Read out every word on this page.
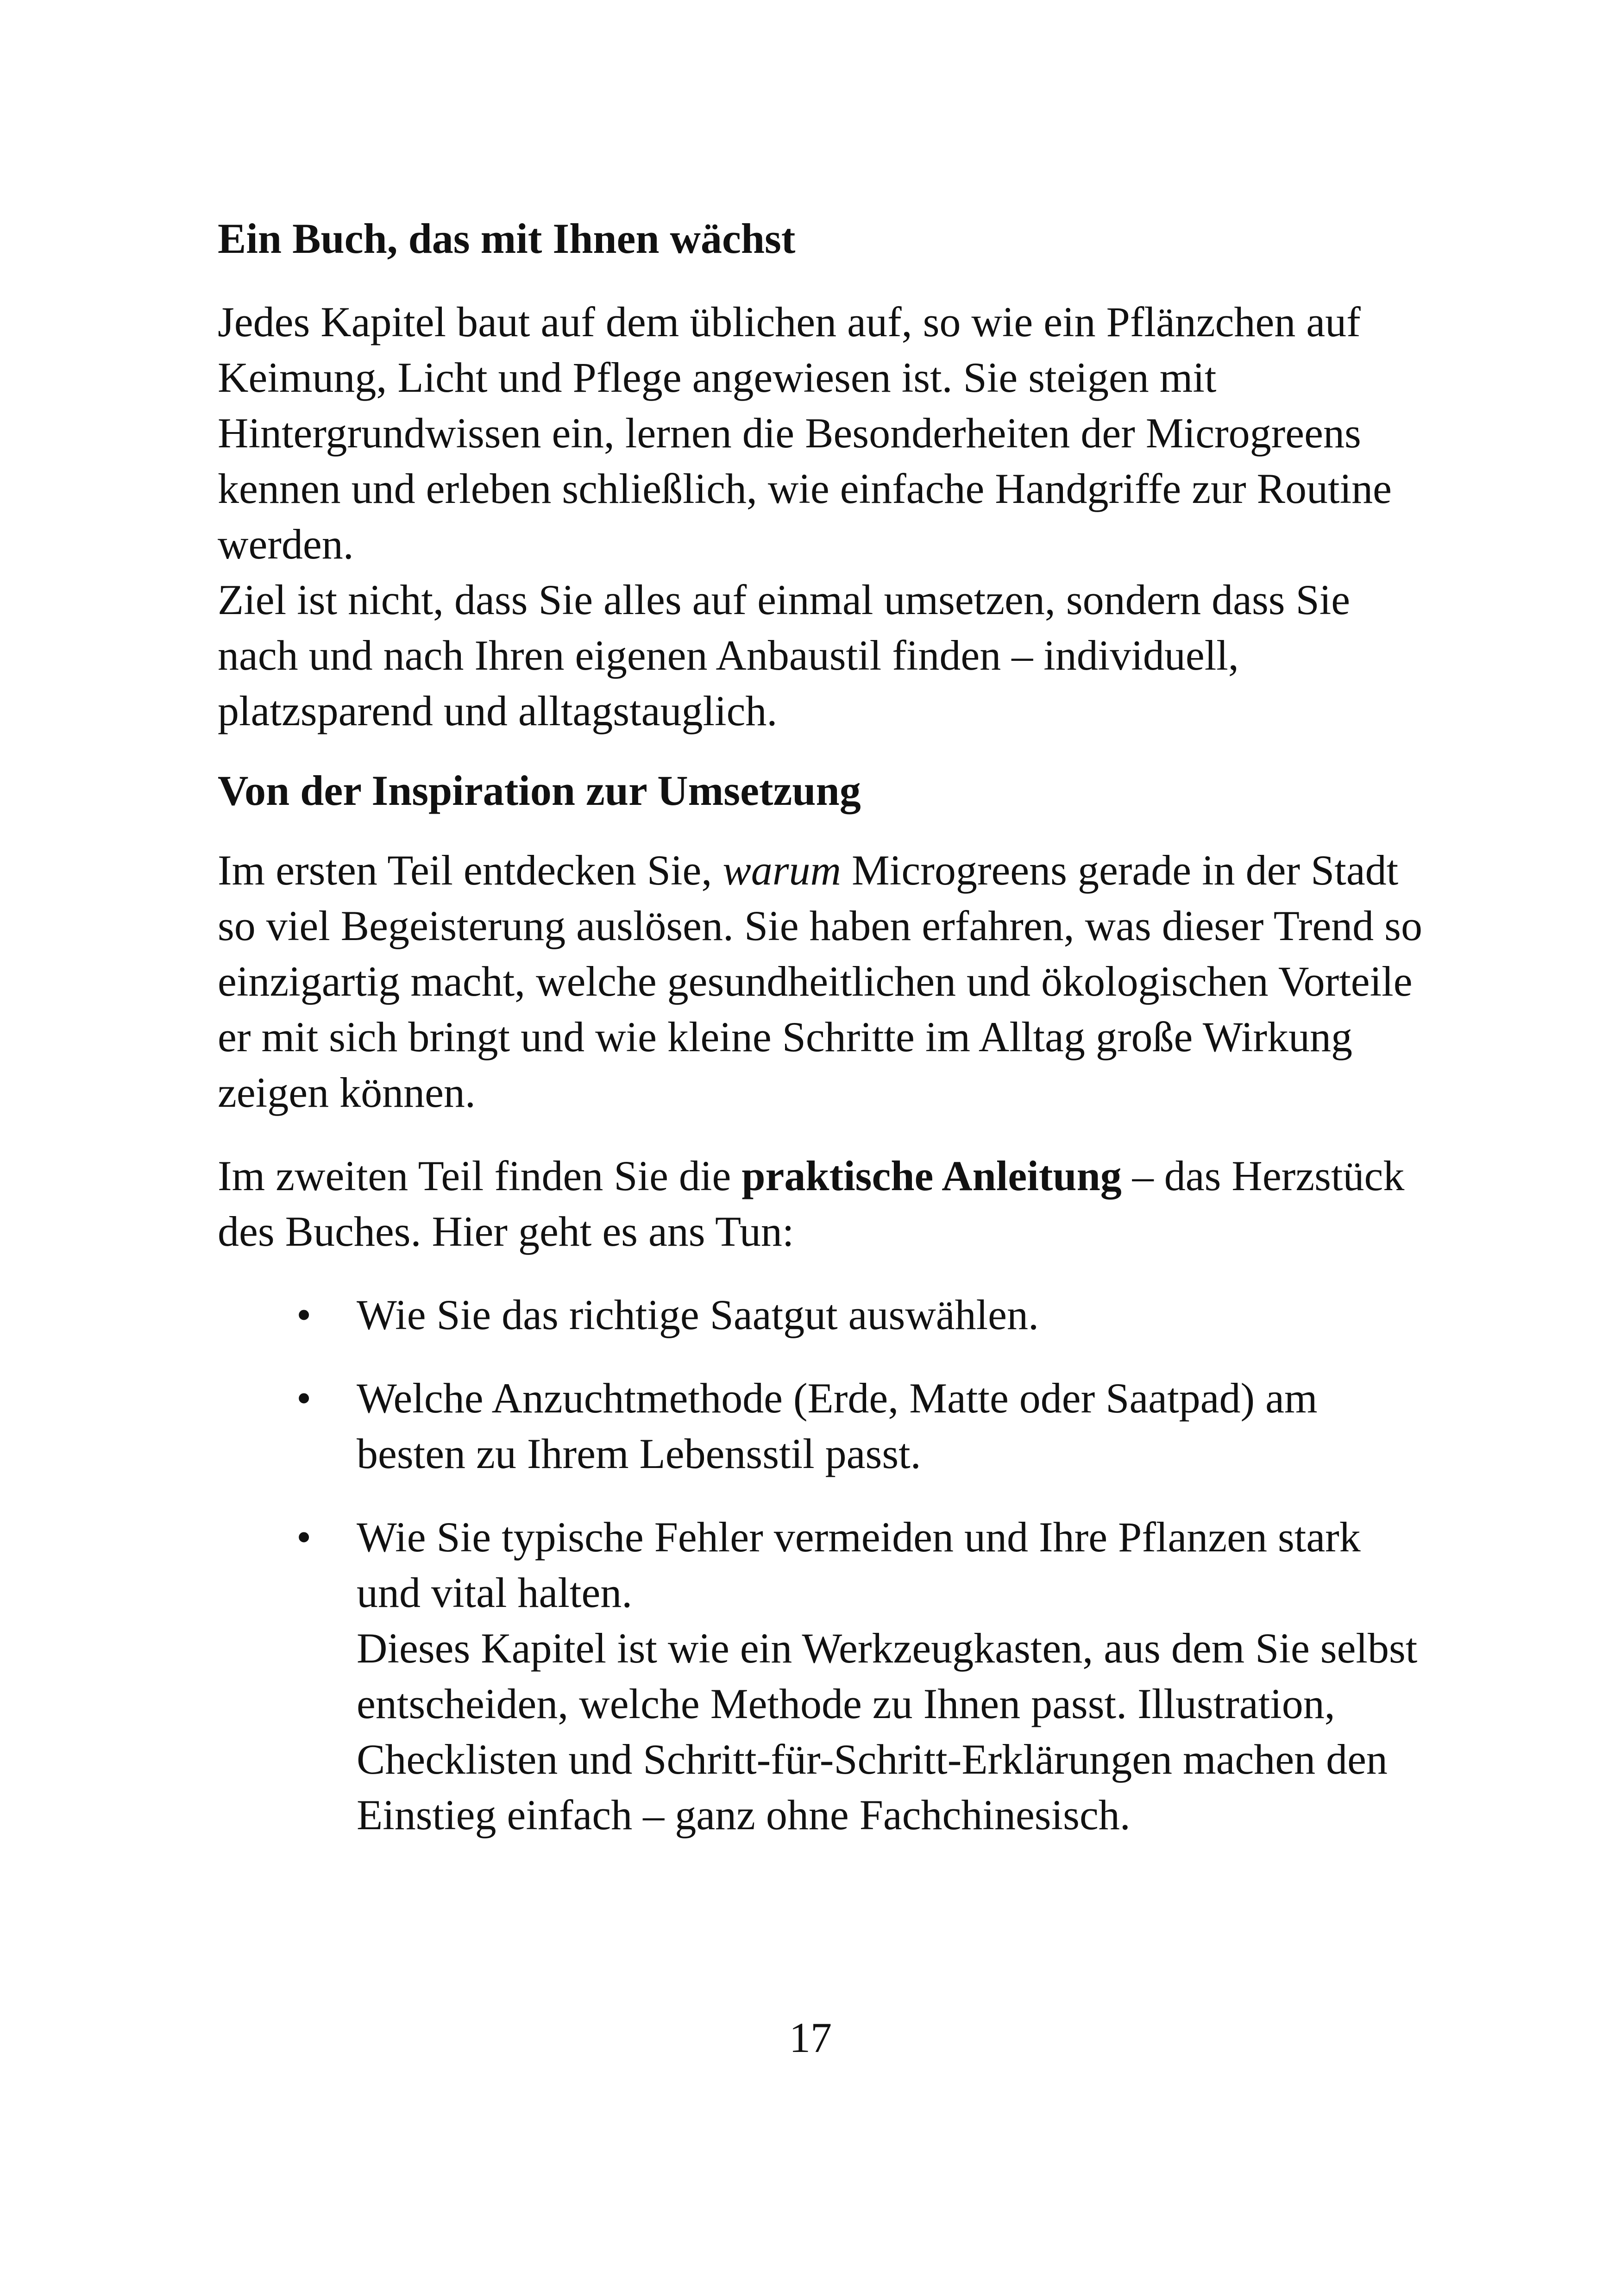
Ein Buch, das mit Ihnen wächst

Jedes Kapitel baut auf dem üblichen auf, so wie ein Pflänzchen auf Keimung, Licht und Pflege angewiesen ist. Sie steigen mit Hintergrundwissen ein, lernen die Besonderheiten der Microgreens kennen und erleben schließlich, wie einfache Handgriffe zur Routine werden.
Ziel ist nicht, dass Sie alles auf einmal umsetzen, sondern dass Sie nach und nach Ihren eigenen Anbaustil finden – individuell, platzsparend und alltagstauglich.

Von der Inspiration zur Umsetzung

Im ersten Teil entdecken Sie, warum Microgreens gerade in der Stadt so viel Begeisterung auslösen. Sie haben erfahren, was dieser Trend so einzigartig macht, welche gesundheitlichen und ökologischen Vorteile er mit sich bringt und wie kleine Schritte im Alltag große Wirkung zeigen können.

Im zweiten Teil finden Sie die praktische Anleitung – das Herzstück des Buches. Hier geht es ans Tun:

• Wie Sie das richtige Saatgut auswählen.
• Welche Anzuchtmethode (Erde, Matte oder Saatpad) am besten zu Ihrem Lebensstil passt.
• Wie Sie typische Fehler vermeiden und Ihre Pflanzen stark und vital halten.
Dieses Kapitel ist wie ein Werkzeugkasten, aus dem Sie selbst entscheiden, welche Methode zu Ihnen passt. Illustration, Checklisten und Schritt-für-Schritt-Erklärungen machen den Einstieg einfach – ganz ohne Fachchinesisch.
17
